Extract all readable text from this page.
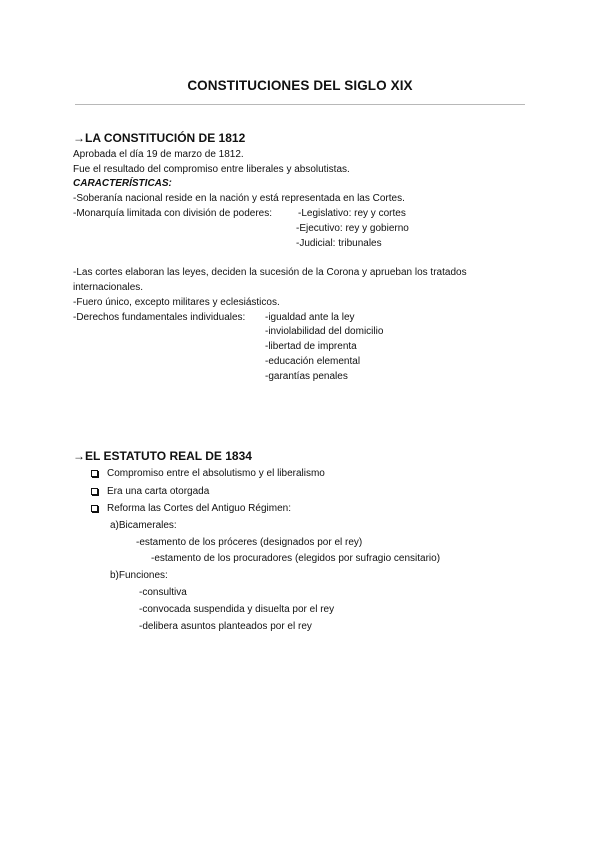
CONSTITUCIONES DEL SIGLO XIX
→LA CONSTITUCIÓN DE 1812
Aprobada el día 19 de marzo de 1812.
Fue el resultado del compromiso entre liberales y absolutistas.
CARACTERÍSTICAS:
-Soberanía nacional reside en la nación y está representada en las Cortes.
-Monarquía limitada con división de poderes:	-Legislativo: rey y cortes
-Ejecutivo: rey y gobierno
-Judicial: tribunales
-Las cortes elaboran las leyes, deciden la sucesión de la Corona y aprueban los tratados
internacionales.
-Fuero único, excepto militares y eclesiásticos.
-Derechos fundamentales individuales: -igualdad ante la ley
-inviolabilidad del domicilio
-libertad de imprenta
-educación elemental
-garantías penales
→EL ESTATUTO REAL DE 1834
Compromiso entre el absolutismo y el liberalismo
Era una carta otorgada
Reforma las Cortes del Antiguo Régimen:
a)Bicamerales:
-estamento de los próceres (designados por el rey)
-estamento de los procuradores (elegidos por sufragio censitario)
b)Funciones:
-consultiva
-convocada suspendida y disuelta por el rey
-delibera asuntos planteados por el rey
